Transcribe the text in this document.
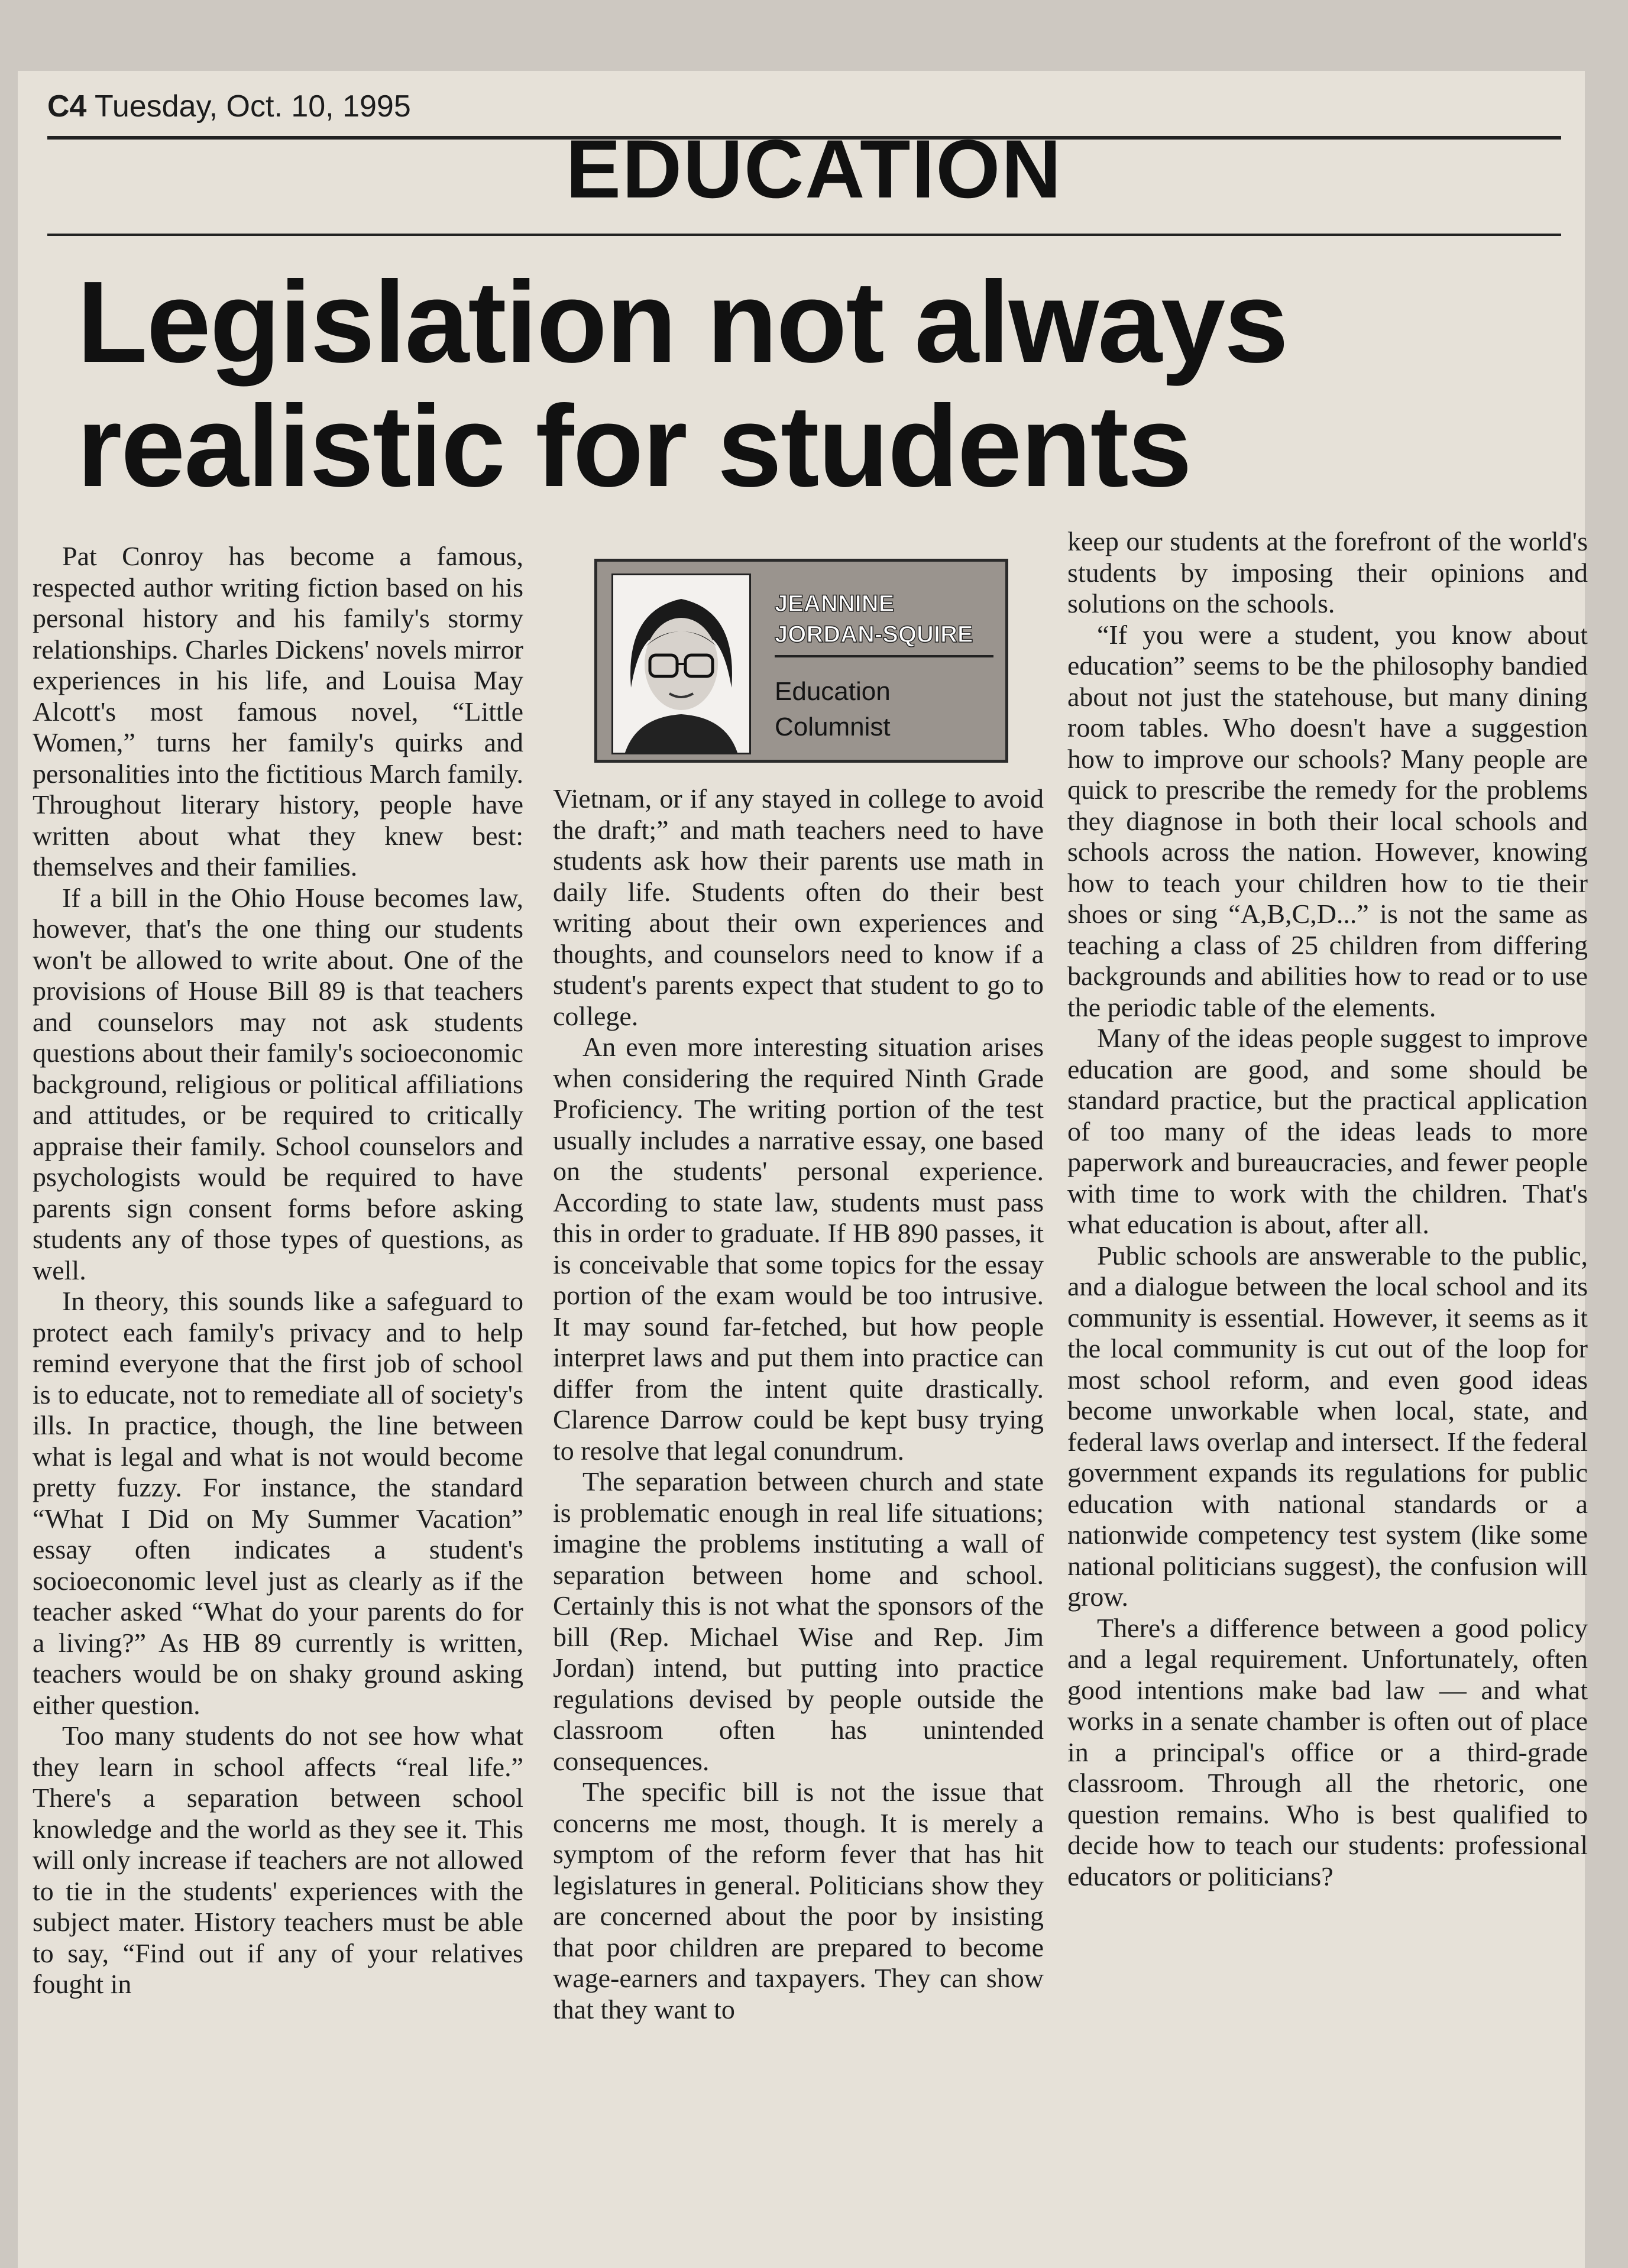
C4 Tuesday, Oct. 10, 1995
EDUCATION
Legislation not always
realistic for students

Pat Conroy has become a famous, respected author writing fiction based on his personal history and his family's stormy relationships. Charles Dickens' novels mirror experiences in his life, and Louisa May Alcott's most famous novel, “Little Women,” turns her family's quirks and personalities into the fictitious March family. Throughout literary history, people have written about what they knew best: themselves and their families.

If a bill in the Ohio House becomes law, however, that's the one thing our students won't be allowed to write about. One of the provisions of House Bill 89 is that teachers and counselors may not ask students questions about their family's socioeconomic background, religious or political affiliations and attitudes, or be required to critically appraise their family. School counselors and psychologists would be required to have parents sign consent forms before asking students any of those types of questions, as well.

In theory, this sounds like a safeguard to protect each family's privacy and to help remind everyone that the first job of school is to educate, not to remediate all of society's ills. In practice, though, the line between what is legal and what is not would become pretty fuzzy. For instance, the standard “What I Did on My Summer Vacation” essay often indicates a student's socioeconomic level just as clearly as if the teacher asked “What do your parents do for a living?” As HB 89 currently is written, teachers would be on shaky ground asking either question.

Too many students do not see how what they learn in school affects “real life.” There's a separation between school knowledge and the world as they see it. This will only increase if teachers are not allowed to tie in the students' experiences with the subject mater. History teachers must be able to say, “Find out if any of your relatives fought in

JEANNINE
JORDAN-SQUIRE
Education
Columnist

Vietnam, or if any stayed in college to avoid the draft;” and math teachers need to have students ask how their parents use math in daily life. Students often do their best writing about their own experiences and thoughts, and counselors need to know if a student's parents expect that student to go to college.

An even more interesting situation arises when considering the required Ninth Grade Proficiency. The writing portion of the test usually includes a narrative essay, one based on the students' personal experience. According to state law, students must pass this in order to graduate. If HB 890 passes, it is conceivable that some topics for the essay portion of the exam would be too intrusive. It may sound far-fetched, but how people interpret laws and put them into practice can differ from the intent quite drastically. Clarence Darrow could be kept busy trying to resolve that legal conundrum.

The separation between church and state is problematic enough in real life situations; imagine the problems instituting a wall of separation between home and school. Certainly this is not what the sponsors of the bill (Rep. Michael Wise and Rep. Jim Jordan) intend, but putting into practice regulations devised by people outside the classroom often has unintended consequences.

The specific bill is not the issue that concerns me most, though. It is merely a symptom of the reform fever that has hit legislatures in general. Politicians show they are concerned about the poor by insisting that poor children are prepared to become wage-earners and taxpayers. They can show that they want to

keep our students at the forefront of the world's students by imposing their opinions and solutions on the schools.

“If you were a student, you know about education” seems to be the philosophy bandied about not just the statehouse, but many dining room tables. Who doesn't have a suggestion how to improve our schools? Many people are quick to prescribe the remedy for the problems they diagnose in both their local schools and schools across the nation. However, knowing how to teach your children how to tie their shoes or sing “A,B,C,D...” is not the same as teaching a class of 25 children from differing backgrounds and abilities how to read or to use the periodic table of the elements.

Many of the ideas people suggest to improve education are good, and some should be standard practice, but the practical application of too many of the ideas leads to more paperwork and bureaucracies, and fewer people with time to work with the children. That's what education is about, after all.

Public schools are answerable to the public, and a dialogue between the local school and its community is essential. However, it seems as it the local community is cut out of the loop for most school reform, and even good ideas become unworkable when local, state, and federal laws overlap and intersect. If the federal government expands its regulations for public education with national standards or a nationwide competency test system (like some national politicians suggest), the confusion will grow.

There's a difference between a good policy and a legal requirement. Unfortunately, often good intentions make bad law — and what works in a senate chamber is often out of place in a principal's office or a third-grade classroom. Through all the rhetoric, one question remains. Who is best qualified to decide how to teach our students: professional educators or politicians?
